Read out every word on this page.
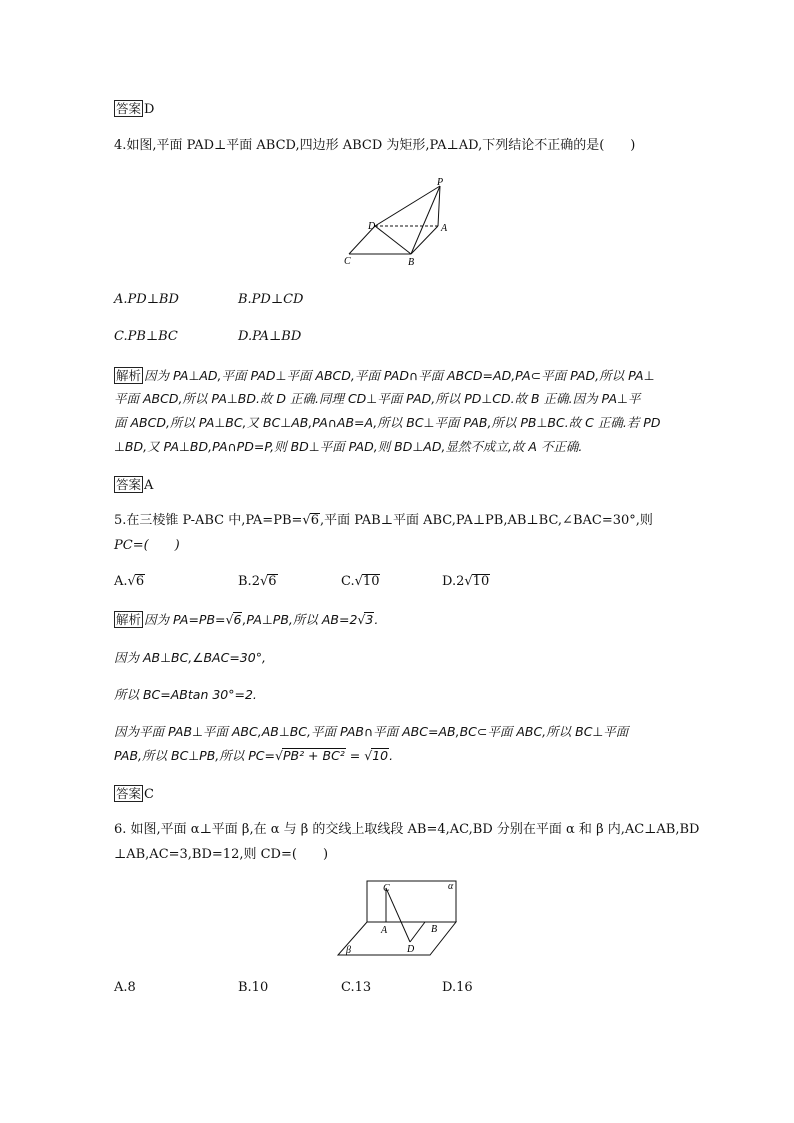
答案 D
4.如图,平面 PAD⊥平面 ABCD,四边形 ABCD 为矩形,PA⊥AD,下列结论不正确的是(　　)
P
D	A
C	B
A.PD⊥BD	B.PD⊥CD
C.PB⊥BC	D.PA⊥BD
解析 因为 PA⊥AD,平面 PAD⊥平面 ABCD,平面 PAD∩平面 ABCD=AD,PA⊂平面 PAD,所以 PA⊥
平面 ABCD,所以 PA⊥BD.故 D 正确.同理 CD⊥平面 PAD,所以 PD⊥CD.故 B 正确.因为 PA⊥平
面 ABCD,所以 PA⊥BC,又 BC⊥AB,PA∩AB=A,所以 BC⊥平面 PAB,所以 PB⊥BC.故 C 正确.若 PD
⊥BD,又 PA⊥BD,PA∩PD=P,则 BD⊥平面 PAD,则 BD⊥AD,显然不成立,故 A 不正确.
答案 A
5.在三棱锥 P-ABC 中,PA=PB=√6,平面 PAB⊥平面 ABC,PA⊥PB,AB⊥BC,∠BAC=30°,则
PC=(　　)
A.√6	B.2√6	C.√10	D.2√10
解析 因为 PA=PB=√6,PA⊥PB,所以 AB=2√3.
因为 AB⊥BC,∠BAC=30°,
所以 BC=ABtan 30°=2.
因为平面 PAB⊥平面 ABC,AB⊥BC,平面 PAB∩平面 ABC=AB,BC⊂平面 ABC,所以 BC⊥平面
PAB,所以 BC⊥PB,所以 PC=√PB² + BC² = √10.
答案 C
6. 如图,平面 α⊥平面 β,在 α 与 β 的交线上取线段 AB=4,AC,BD 分别在平面 α 和 β 内,AC⊥AB,BD
⊥AB,AC=3,BD=12,则 CD=(　　)
C	α
A	B
β	D
A.8	B.10	C.13	D.16
